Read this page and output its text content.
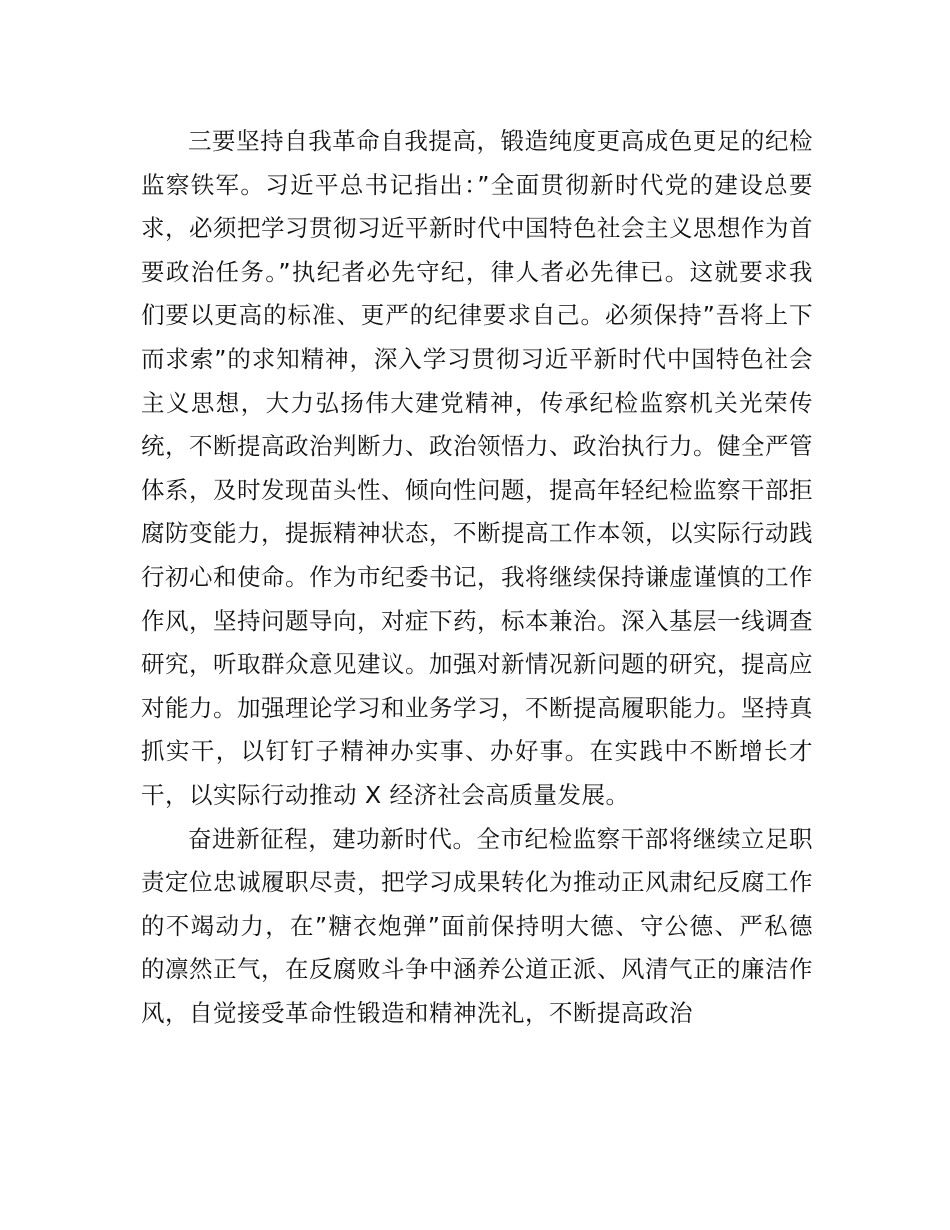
三要坚持自我革命自我提高，锻造纯度更高成色更足的纪检监察铁军。习近平总书记指出：”全面贯彻新时代党的建设总要求，必须把学习贯彻习近平新时代中国特色社会主义思想作为首要政治任务。”执纪者必先守纪，律人者必先律已。这就要求我们要以更高的标准、更严的纪律要求自己。必须保持”吾将上下而求索”的求知精神，深入学习贯彻习近平新时代中国特色社会主义思想，大力弘扬伟大建党精神，传承纪检监察机关光荣传统，不断提高政治判断力、政治领悟力、政治执行力。健全严管体系，及时发现苗头性、倾向性问题，提高年轻纪检监察干部拒腐防变能力，提振精神状态，不断提高工作本领，以实际行动践行初心和使命。作为市纪委书记，我将继续保持谦虚谨慎的工作作风，坚持问题导向，对症下药，标本兼治。深入基层一线调查研究，听取群众意见建议。加强对新情况新问题的研究，提高应对能力。加强理论学习和业务学习，不断提高履职能力。坚持真抓实干，以钉钉子精神办实事、办好事。在实践中不断增长才干，以实际行动推动 X 经济社会高质量发展。

奋进新征程，建功新时代。全市纪检监察干部将继续立足职责定位忠诚履职尽责，把学习成果转化为推动正风肃纪反腐工作的不竭动力，在”糖衣炮弹”面前保持明大德、守公德、严私德的凛然正气，在反腐败斗争中涵养公道正派、风清气正的廉洁作风，自觉接受革命性锻造和精神洗礼，不断提高政治
